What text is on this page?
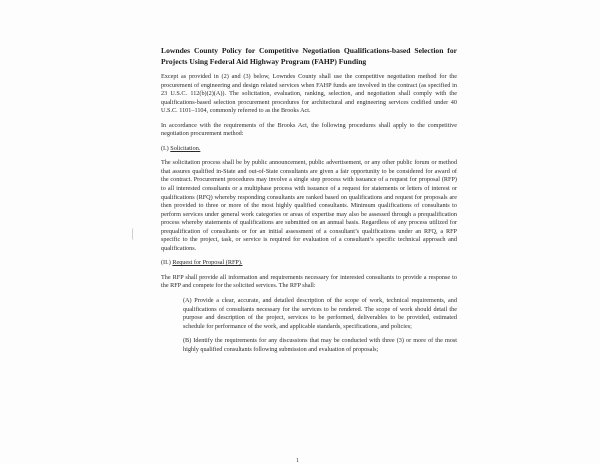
Lowndes County Policy for Competitive Negotiation Qualifications-based Selection for Projects Using Federal Aid Highway Program (FAHP) Funding

Except as provided in (2) and (3) below, Lowndes County shall use the competitive negotiation method for the procurement of engineering and design related services when FAHP funds are involved in the contract (as specified in 23 U.S.C. 112(b)(2)(A)). The solicitation, evaluation, ranking, selection, and negotiation shall comply with the qualifications-based selection procurement procedures for architectural and engineering services codified under 40 U.S.C. 1101–1104, commonly referred to as the Brooks Act.

In accordance with the requirements of the Brooks Act, the following procedures shall apply to the competitive negotiation procurement method:

(I.) Solicitation.

The solicitation process shall be by public announcement, public advertisement, or any other public forum or method that assures qualified in-State and out-of-State consultants are given a fair opportunity to be considered for award of the contract. Procurement procedures may involve a single step process with issuance of a request for proposal (RFP) to all interested consultants or a multiphase process with issuance of a request for statements or letters of interest or qualifications (RFQ) whereby responding consultants are ranked based on qualifications and request for proposals are then provided to three or more of the most highly qualified consultants. Minimum qualifications of consultants to perform services under general work categories or areas of expertise may also be assessed through a prequalification process whereby statements of qualifications are submitted on an annual basis. Regardless of any process utilized for prequalification of consultants or for an initial assessment of a consultant’s qualifications under an RFQ, a RFP specific to the project, task, or service is required for evaluation of a consultant’s specific technical approach and qualifications.

(II.) Request for Proposal (RFP).

The RFP shall provide all information and requirements necessary for interested consultants to provide a response to the RFP and compete for the solicited services. The RFP shall:

(A) Provide a clear, accurate, and detailed description of the scope of work, technical requirements, and qualifications of consultants necessary for the services to be rendered. The scope of work should detail the purpose and description of the project, services to be performed, deliverables to be provided, estimated schedule for performance of the work, and applicable standards, specifications, and policies;

(B) Identify the requirements for any discussions that may be conducted with three (3) or more of the most highly qualified consultants following submission and evaluation of proposals;

1
